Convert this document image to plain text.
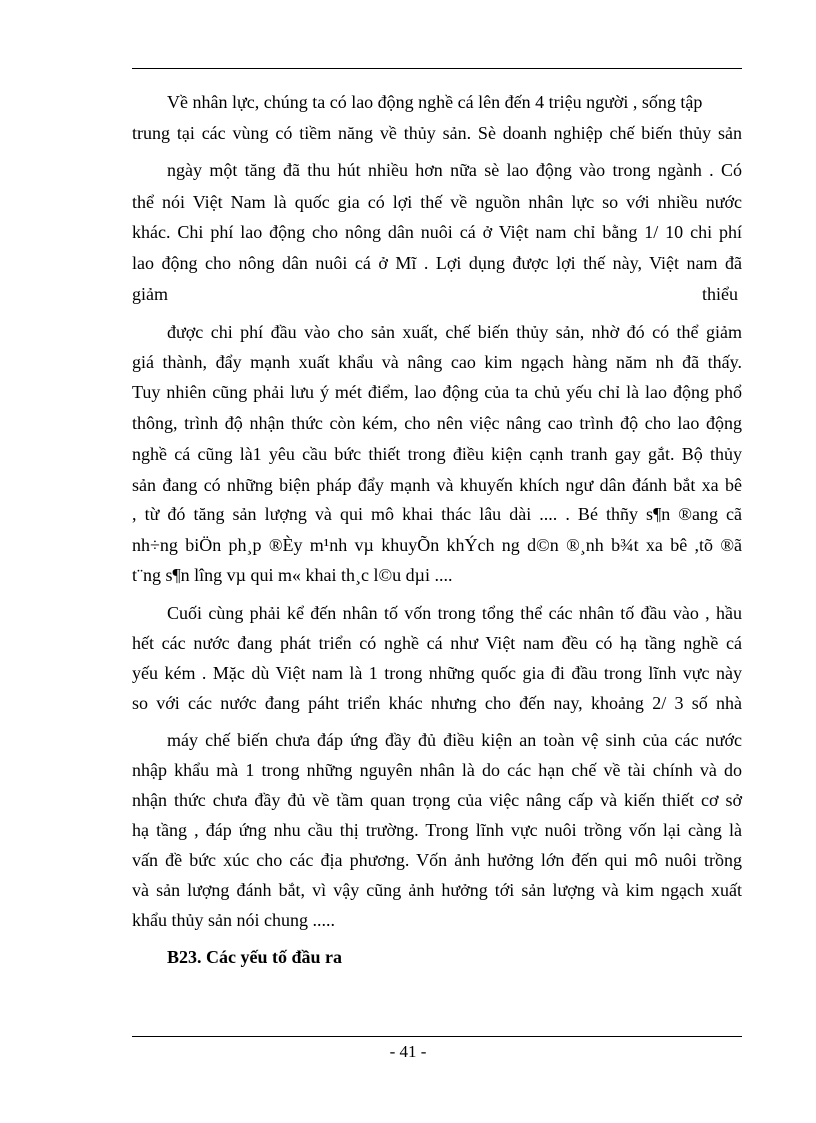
Về nhân lực, chúng ta có lao động nghề cá lên đến 4 triệu người , sống tập
trung tại các vùng có tiềm năng về thủy sản. Sè doanh nghiệp chế biến thủy sản
ngày một tăng đã thu hút nhiều hơn nữa sè lao động vào trong ngành . Có
thể nói Việt Nam là quốc gia có lợi thế về nguồn nhân lực so với nhiều nước
khác. Chi phí lao động cho nông dân nuôi cá ở Việt nam chỉ bằng 1/ 10 chi phí
lao động cho nông dân nuôi cá ở Mĩ . Lợi dụng được lợi thế này, Việt nam đã
giảm	thiểu
được chi phí đầu vào cho sản xuất, chế biến thủy sản, nhờ đó có thể giảm
giá thành, đẩy mạnh xuất khẩu và nâng cao kim ngạch hàng năm nh đã thấy.
Tuy nhiên cũng phải lưu ý mét điểm, lao động của ta chủ yếu chỉ là lao động phổ
thông, trình độ nhận thức còn kém, cho nên việc nâng cao trình độ cho lao động
nghề cá cũng là1 yêu cầu bức thiết trong điều kiện cạnh tranh gay gắt. Bộ thủy
sản đang có những biện pháp đẩy mạnh và khuyến khích ngư dân đánh bắt xa bê
, từ đó tăng sản lượng và qui mô khai thác lâu dài .... . Bé thñy s¶n ®ang cã
nh÷ng biÖn ph¸p ®Èy m¹nh vµ khuyÕn khÝch ng d©n ®¸nh b¾t xa bê ,tõ ®ã
t¨ng s¶n lîng vµ qui m« khai th¸c l©u dµi ....
Cuối cùng phải kể đến nhân tố vốn trong tổng thể các nhân tố đầu vào , hầu
hết các nước đang phát triển có nghề cá như Việt nam đều có hạ tầng nghề cá
yếu kém . Mặc dù Việt nam là 1 trong những quốc gia đi đầu trong lĩnh vực này
so với các nước đang páht triển khác nhưng cho đến nay, khoảng 2/ 3 số nhà
máy chế biến chưa đáp ứng đầy đủ điều kiện an toàn vệ sinh của các nước
nhập khẩu mà 1 trong những nguyên nhân là do các hạn chế về tài chính và do
nhận thức chưa đầy đủ về tầm quan trọng của việc nâng cấp và kiến thiết cơ sở
hạ tầng , đáp ứng nhu cầu thị trường. Trong lĩnh vực nuôi trồng vốn lại càng là
vấn đề bức xúc cho các địa phương. Vốn ảnh hưởng lớn đến qui mô nuôi trồng
và sản lượng đánh bắt, vì vậy cũng ảnh hưởng tới sản lượng và kim ngạch xuất
khẩu thủy sản nói chung .....
B23. Các yếu tố đầu ra
- 41 -
